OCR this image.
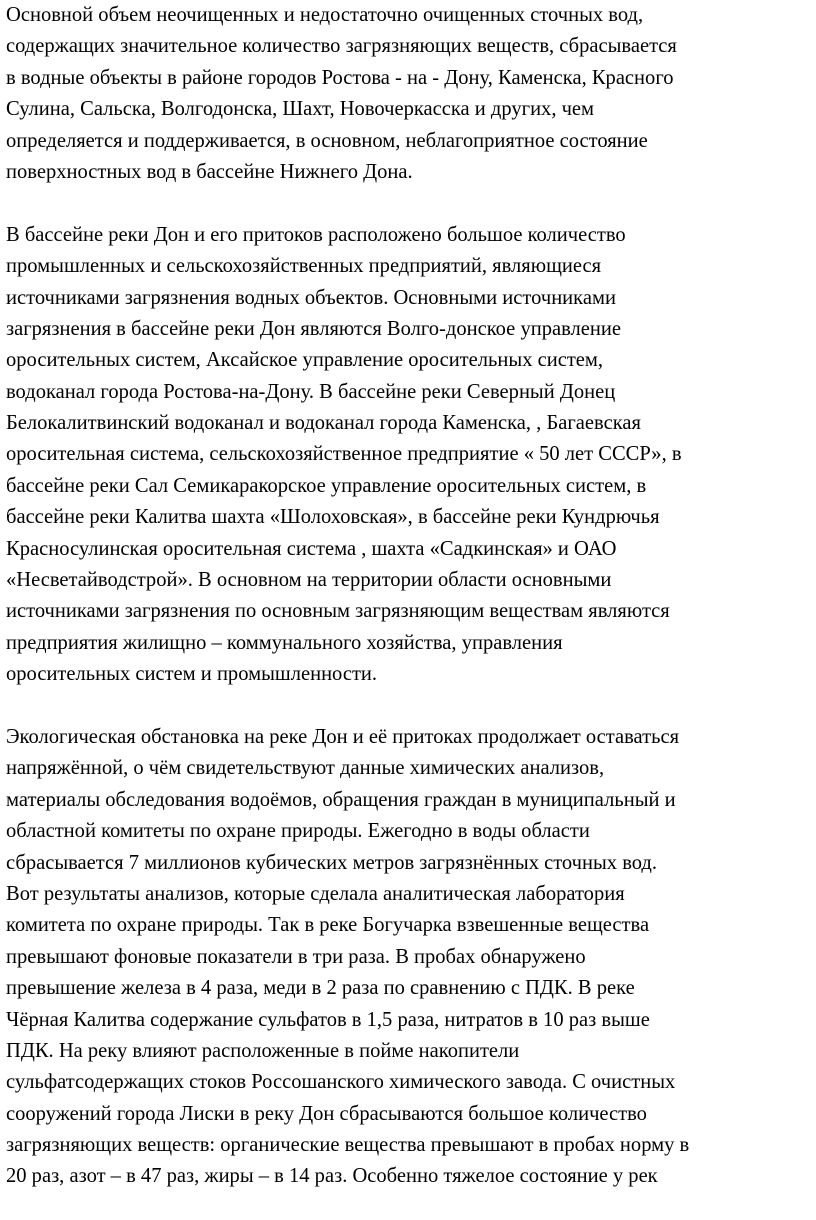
Основной объем неочищенных и недостаточно очищенных сточных вод,
содержащих значительное количество загрязняющих веществ, сбрасывается
в водные объекты в районе городов Ростова - на - Дону, Каменска, Красного
Сулина, Сальска, Волгодонска, Шахт, Новочеркасска и других, чем
определяется и поддерживается, в основном, неблагоприятное состояние
поверхностных вод в бассейне Нижнего Дона.
В бассейне реки Дон и его притоков расположено большое количество
промышленных и сельскохозяйственных предприятий, являющиеся
источниками загрязнения водных объектов. Основными источниками
загрязнения в бассейне реки Дон являются Волго-донское управление
оросительных систем, Аксайское управление оросительных систем,
водоканал города Ростова-на-Дону. В бассейне реки Северный Донец
Белокалитвинский водоканал и водоканал города Каменска, , Багаевская
оросительная система, сельскохозяйственное предприятие « 50 лет СССР», в
бассейне реки Сал Семикаракорское управление оросительных систем, в
бассейне реки Калитва шахта «Шолоховская», в бассейне реки Кундрючья
Красносулинская оросительная система , шахта «Садкинская» и ОАО
«Несветайводстрой». В основном на территории области основными
источниками загрязнения по основным загрязняющим веществам являются
предприятия жилищно – коммунального хозяйства, управления
оросительных систем и промышленности.
Экологическая обстановка на реке Дон и её притоках продолжает оставаться
напряжённой, о чём свидетельствуют данные химических анализов,
материалы обследования водоёмов, обращения граждан в муниципальный и
областной комитеты по охране природы. Ежегодно в воды области
сбрасывается 7 миллионов кубических метров загрязнённых сточных вод.
Вот результаты анализов, которые сделала аналитическая лаборатория
комитета по охране природы. Так в реке Богучарка взвешенные вещества
превышают фоновые показатели в три раза. В пробах обнаружено
превышение железа в 4 раза, меди в 2 раза по сравнению с ПДК. В реке
Чёрная Калитва содержание сульфатов в 1,5 раза, нитратов в 10 раз выше
ПДК. На реку влияют расположенные в пойме накопители
сульфатсодержащих стоков Россошанского химического завода. С очистных
сооружений города Лиски в реку Дон сбрасываются большое количество
загрязняющих веществ: органические вещества превышают в пробах норму в
20 раз, азот – в 47 раз, жиры – в 14 раз. Особенно тяжелое состояние у рек
